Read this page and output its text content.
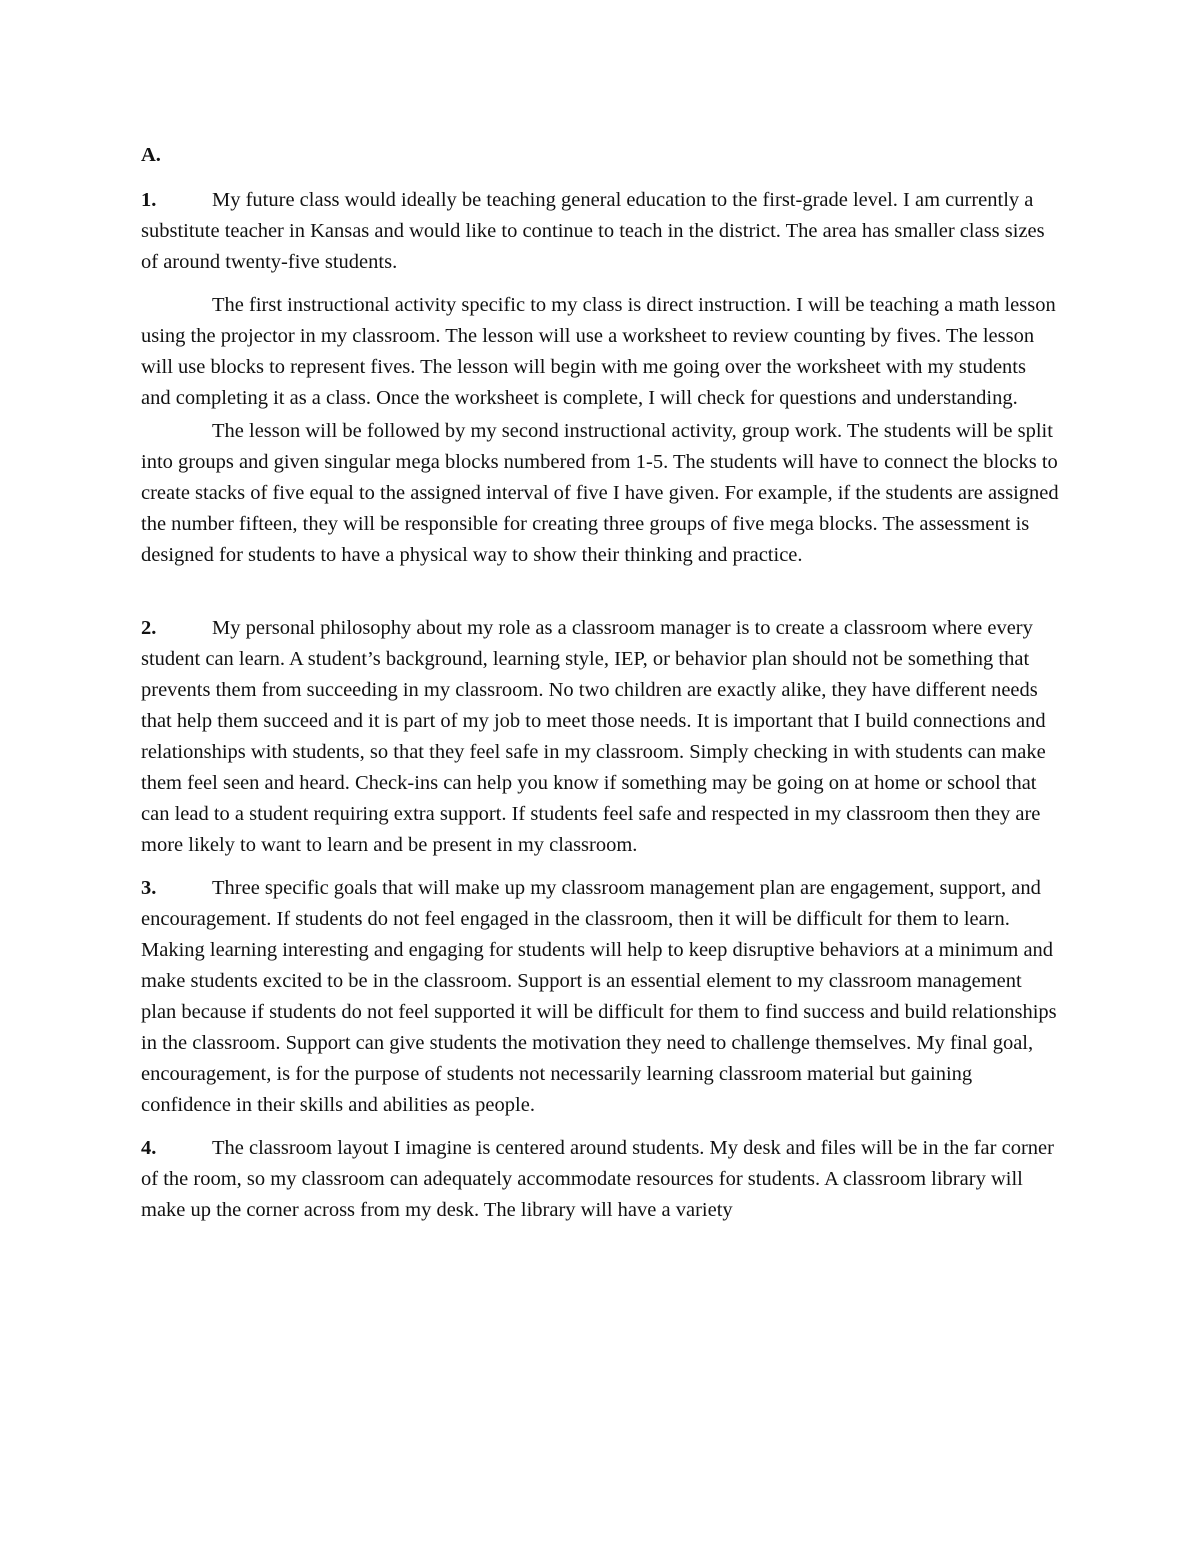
A.

1.	My future class would ideally be teaching general education to the first-grade level. I am currently a substitute teacher in Kansas and would like to continue to teach in the district. The area has smaller class sizes of around twenty-five students.

The first instructional activity specific to my class is direct instruction. I will be teaching a math lesson using the projector in my classroom. The lesson will use a worksheet to review counting by fives. The lesson will use blocks to represent fives. The lesson will begin with me going over the worksheet with my students and completing it as a class. Once the worksheet is complete, I will check for questions and understanding.

The lesson will be followed by my second instructional activity, group work. The students will be split into groups and given singular mega blocks numbered from 1-5. The students will have to connect the blocks to create stacks of five equal to the assigned interval of five I have given. For example, if the students are assigned the number fifteen, they will be responsible for creating three groups of five mega blocks. The assessment is designed for students to have a physical way to show their thinking and practice.

2.	My personal philosophy about my role as a classroom manager is to create a classroom where every student can learn. A student’s background, learning style, IEP, or behavior plan should not be something that prevents them from succeeding in my classroom. No two children are exactly alike, they have different needs that help them succeed and it is part of my job to meet those needs. It is important that I build connections and relationships with students, so that they feel safe in my classroom. Simply checking in with students can make them feel seen and heard. Check-ins can help you know if something may be going on at home or school that can lead to a student requiring extra support. If students feel safe and respected in my classroom then they are more likely to want to learn and be present in my classroom.

3.	Three specific goals that will make up my classroom management plan are engagement, support, and encouragement. If students do not feel engaged in the classroom, then it will be difficult for them to learn. Making learning interesting and engaging for students will help to keep disruptive behaviors at a minimum and make students excited to be in the classroom. Support is an essential element to my classroom management plan because if students do not feel supported it will be difficult for them to find success and build relationships in the classroom. Support can give students the motivation they need to challenge themselves. My final goal, encouragement, is for the purpose of students not necessarily learning classroom material but gaining confidence in their skills and abilities as people.

4.	The classroom layout I imagine is centered around students. My desk and files will be in the far corner of the room, so my classroom can adequately accommodate resources for students. A classroom library will make up the corner across from my desk. The library will have a variety
